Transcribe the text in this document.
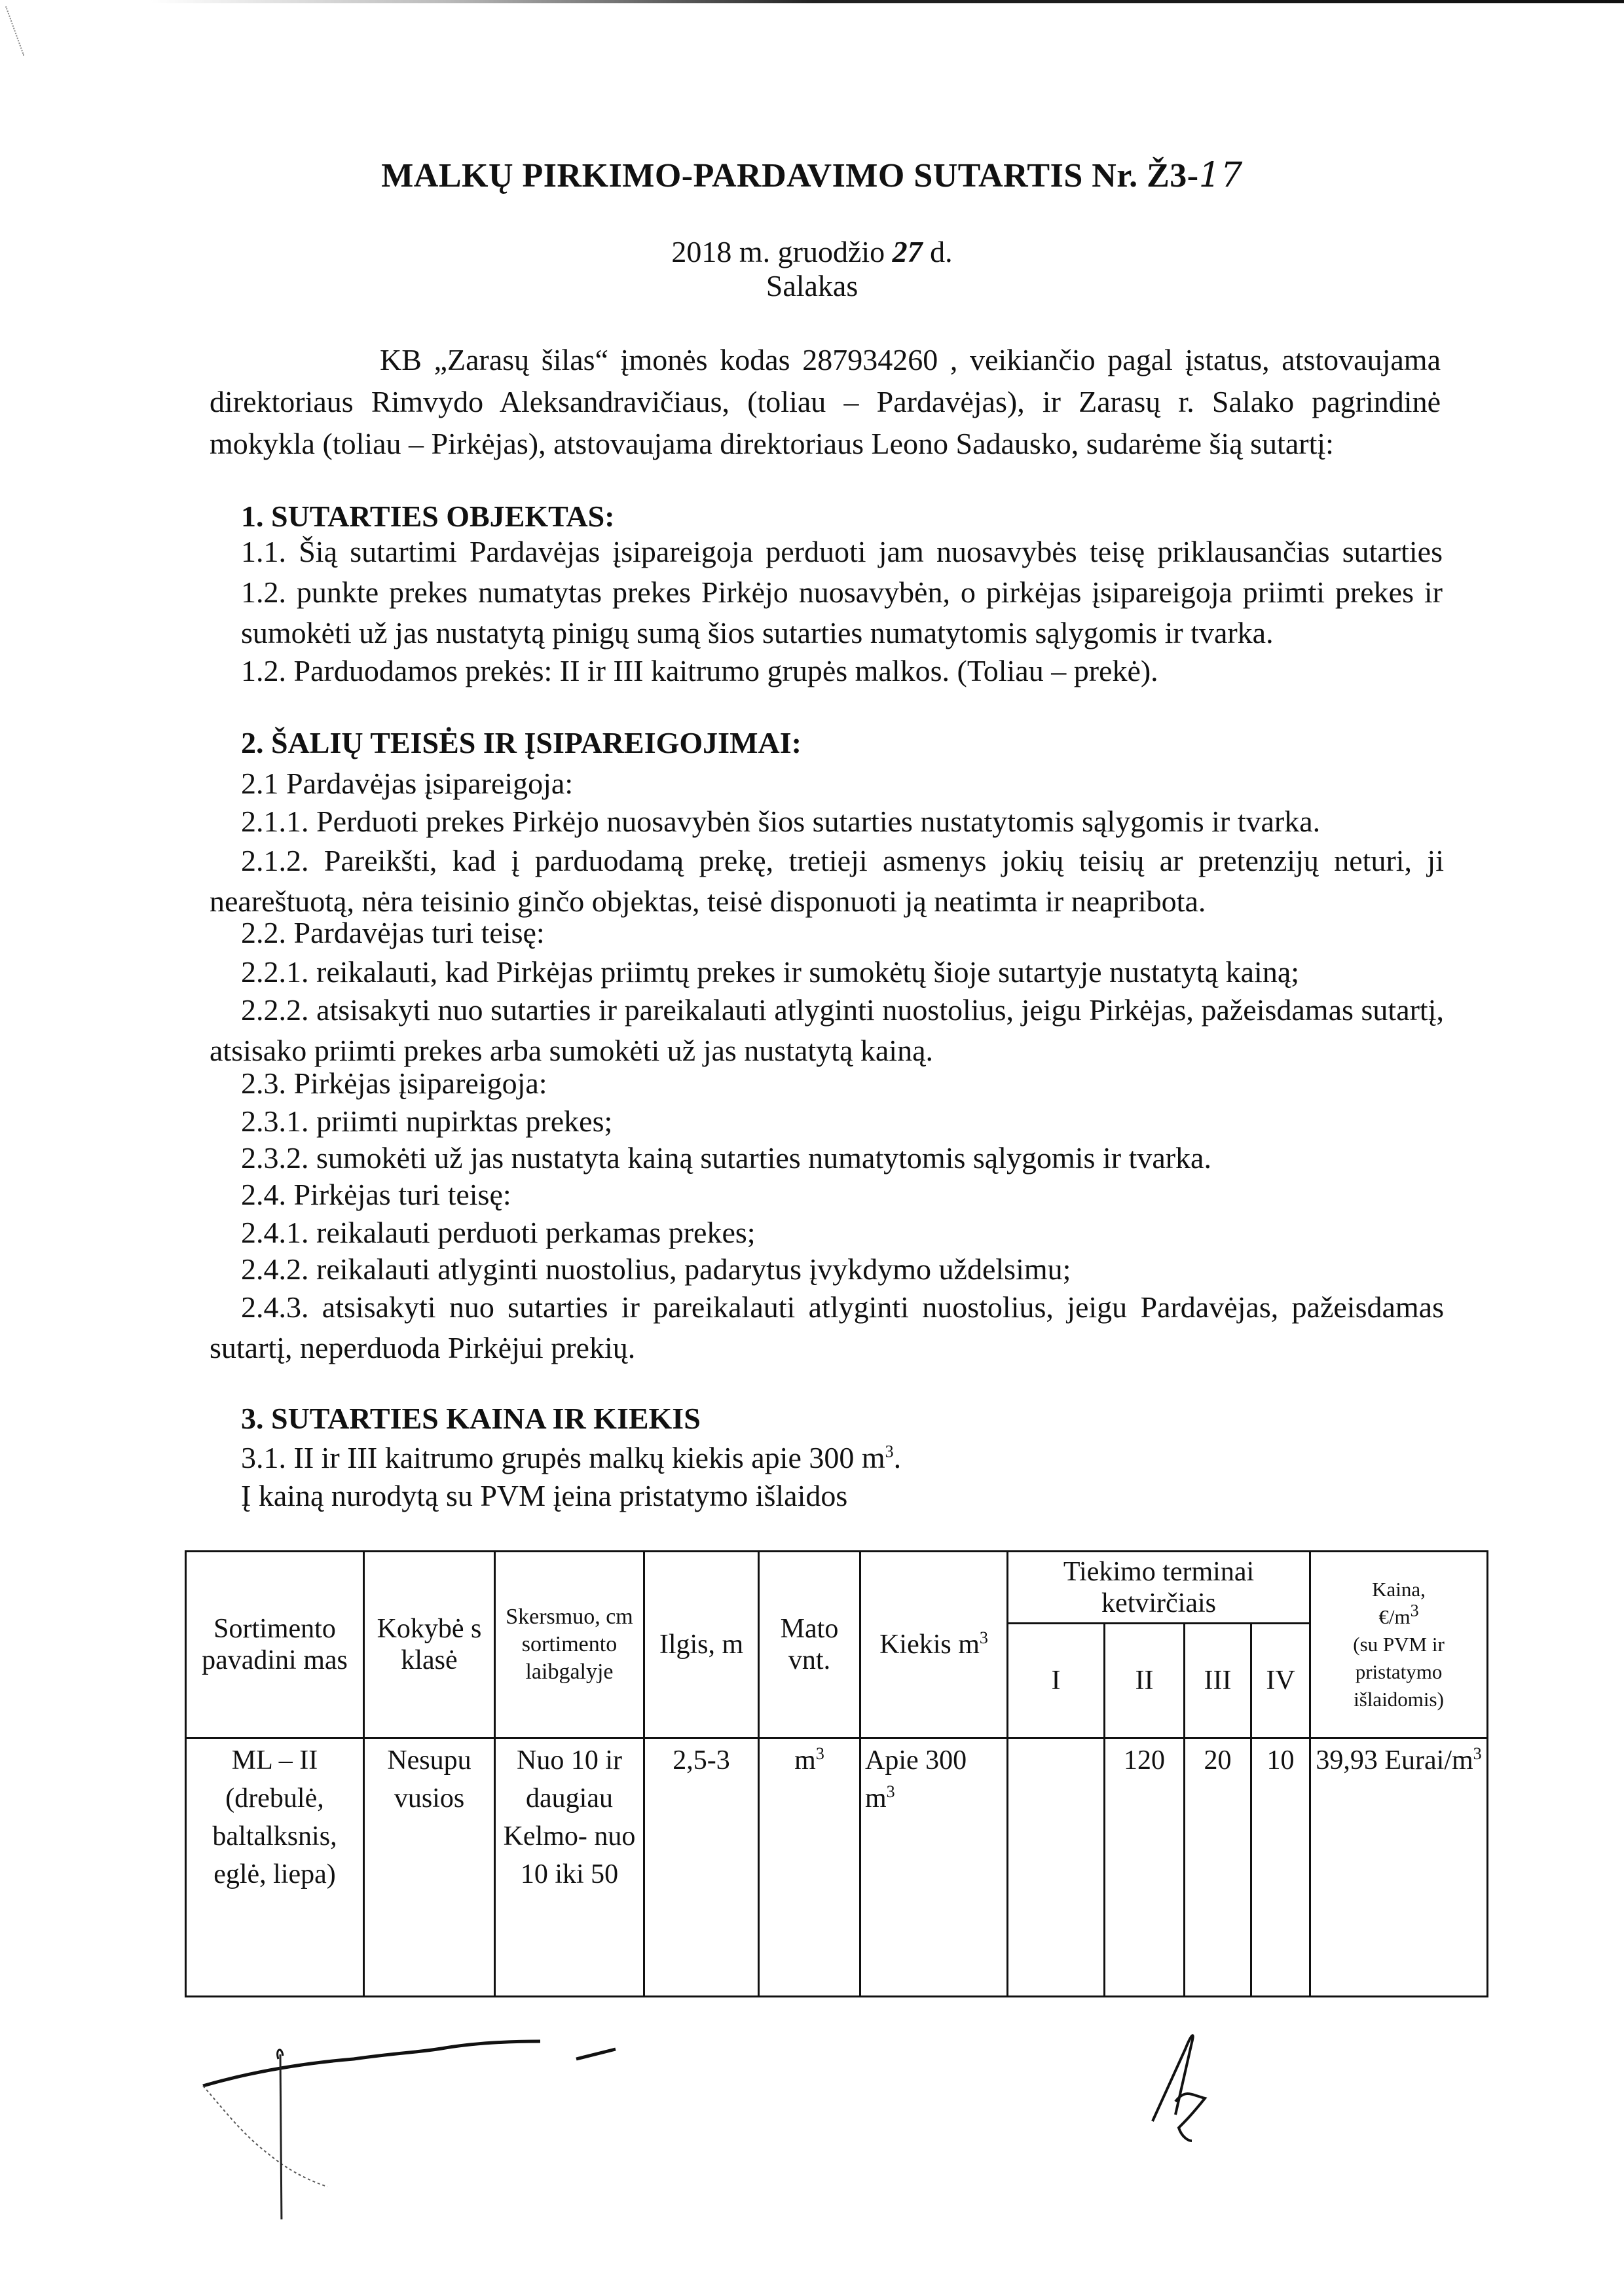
MALKŲ PIRKIMO-PARDAVIMO SUTARTIS Nr. Ž3-17
2018 m. gruodžio 27 d.
Salakas
KB „Zarasų šilas“ įmonės kodas 287934260 , veikiančio pagal įstatus, atstovaujama direktoriaus Rimvydo Aleksandravičiaus, (toliau – Pardavėjas), ir Zarasų r. Salako pagrindinė mokykla (toliau – Pirkėjas), atstovaujama direktoriaus Leono Sadausko, sudarėme šią sutartį:
1. SUTARTIES OBJEKTAS:
1.1. Šią sutartimi Pardavėjas įsipareigoja perduoti jam nuosavybės teisę priklausančias sutarties 1.2. punkte prekes numatytas prekes Pirkėjo nuosavybėn, o pirkėjas įsipareigoja priimti prekes ir sumokėti už jas nustatytą pinigų sumą šios sutarties numatytomis sąlygomis ir tvarka.
1.2. Parduodamos prekės: II ir III kaitrumo grupės malkos. (Toliau – prekė).
2. ŠALIŲ TEISĖS IR ĮSIPAREIGOJIMAI:
2.1 Pardavėjas įsipareigoja:
2.1.1. Perduoti prekes Pirkėjo nuosavybėn šios sutarties nustatytomis sąlygomis ir tvarka.
2.1.2. Pareikšti, kad į parduodamą prekę, tretieji asmenys jokių teisių ar pretenzijų neturi, ji neareštuotą, nėra teisinio ginčo objektas, teisė disponuoti ją neatimta ir neapribota.
2.2. Pardavėjas turi teisę:
2.2.1. reikalauti, kad Pirkėjas priimtų prekes ir sumokėtų šioje sutartyje nustatytą kainą;
2.2.2. atsisakyti nuo sutarties ir pareikalauti atlyginti nuostolius, jeigu Pirkėjas, pažeisdamas sutartį, atsisako priimti prekes arba sumokėti už jas nustatytą kainą.
2.3. Pirkėjas įsipareigoja:
2.3.1. priimti nupirktas prekes;
2.3.2. sumokėti už jas nustatyta kainą sutarties numatytomis sąlygomis ir tvarka.
2.4. Pirkėjas turi teisę:
2.4.1. reikalauti perduoti perkamas prekes;
2.4.2. reikalauti atlyginti nuostolius, padarytus įvykdymo uždelsimu;
2.4.3. atsisakyti nuo sutarties ir pareikalauti atlyginti nuostolius, jeigu Pardavėjas, pažeisdamas sutartį, neperduoda Pirkėjui prekių.
3. SUTARTIES KAINA IR KIEKIS
3.1. II ir III kaitrumo grupės malkų kiekis apie 300 $m^3$.
Į kainą nurodytą su PVM įeina pristatymo išlaidos
Sortimento pavadini mas	Kokybė s klasė	Skersmuo, cm sortimento laibgalyje	Ilgis, m	Mato vnt.	Kiekis $m^3$	Tiekimo terminai ketvirčiais				Kaina,
$€/m^3$
(su PVM ir pristatymo išlaidomis)

						I	II	III	IV	
ML – II (drebulė, baltalksnis, eglė, liepa)	Nesupu vusios	Nuo 10 ir daugiau Kelmo- nuo 10 iki 50	2,5-3	$m^3$	Apie 300 $m^3$		120	20	10	39,93 Eurai/$m^3$
